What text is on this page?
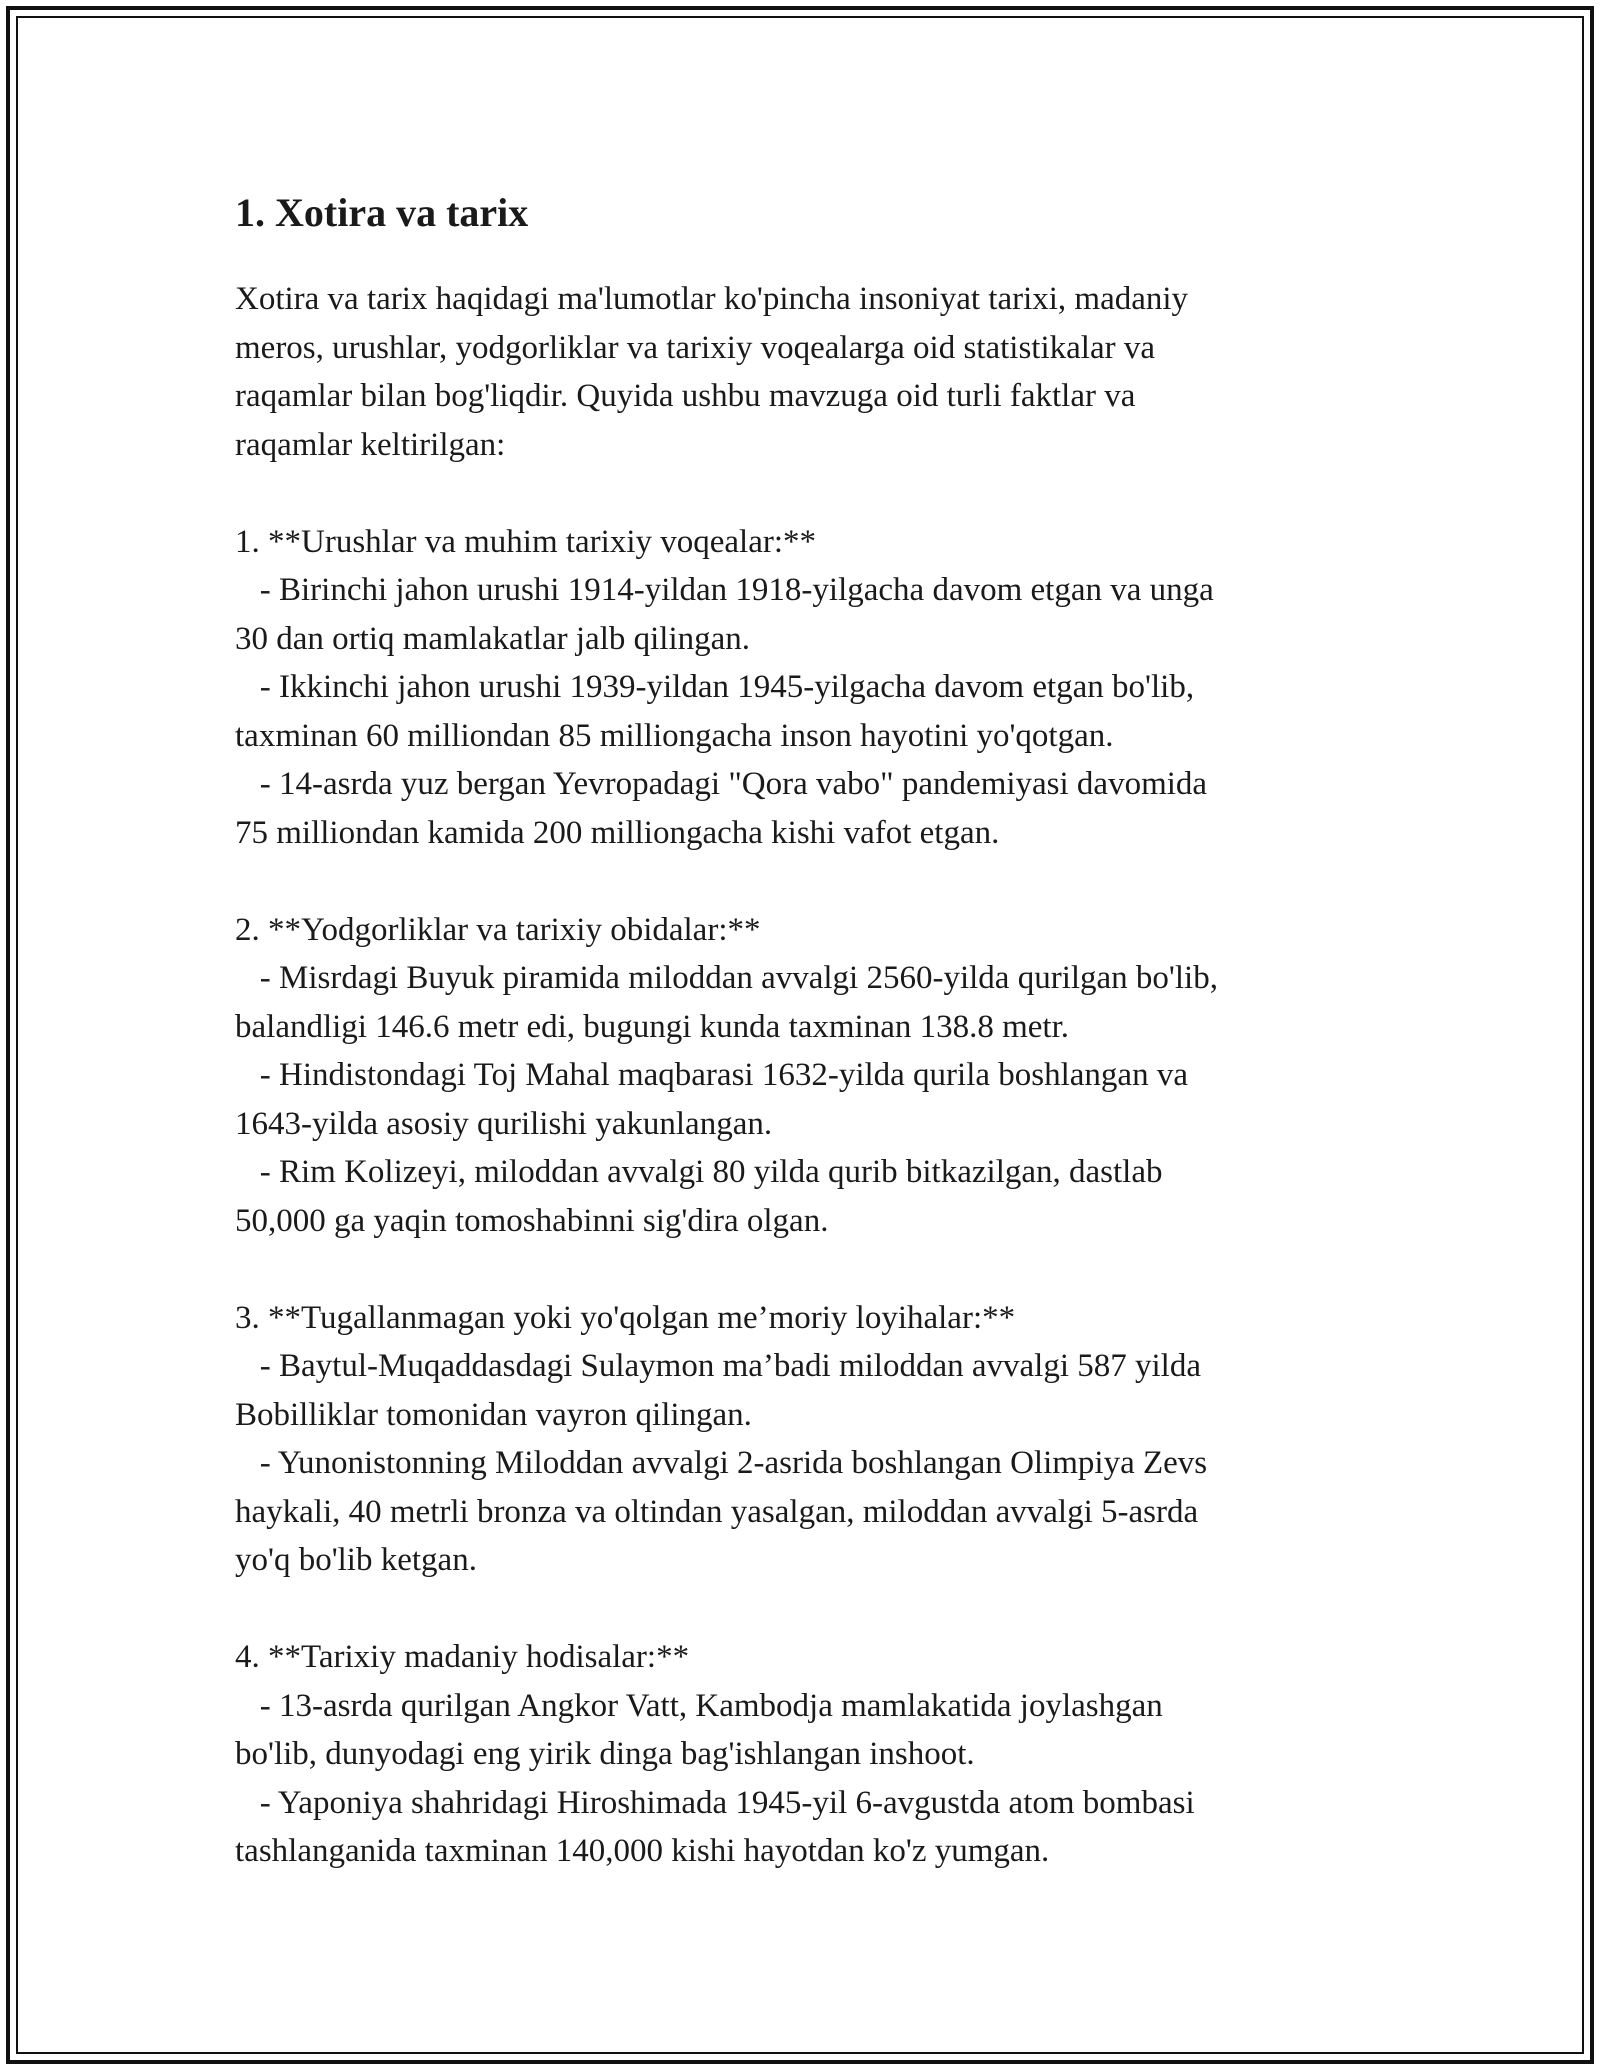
1. Xotira va tarix

Xotira va tarix haqidagi ma'lumotlar ko'pincha insoniyat tarixi, madaniy

meros, urushlar, yodgorliklar va tarixiy voqealarga oid statistikalar va

raqamlar bilan bog'liqdir. Quyida ushbu mavzuga oid turli faktlar va

raqamlar keltirilgan:

1. **Urushlar va muhim tarixiy voqealar:**

- Birinchi jahon urushi 1914-yildan 1918-yilgacha davom etgan va unga

30 dan ortiq mamlakatlar jalb qilingan.

- Ikkinchi jahon urushi 1939-yildan 1945-yilgacha davom etgan bo'lib,

taxminan 60 milliondan 85 milliongacha inson hayotini yo'qotgan.

- 14-asrda yuz bergan Yevropadagi "Qora vabo" pandemiyasi davomida

75 milliondan kamida 200 milliongacha kishi vafot etgan.

2. **Yodgorliklar va tarixiy obidalar:**

- Misrdagi Buyuk piramida miloddan avvalgi 2560-yilda qurilgan bo'lib,

balandligi 146.6 metr edi, bugungi kunda taxminan 138.8 metr.

- Hindistondagi Toj Mahal maqbarasi 1632-yilda qurila boshlangan va

1643-yilda asosiy qurilishi yakunlangan.

- Rim Kolizeyi, miloddan avvalgi 80 yilda qurib bitkazilgan, dastlab

50,000 ga yaqin tomoshabinni sig'dira olgan.

3. **Tugallanmagan yoki yo'qolgan me’moriy loyihalar:**

- Baytul-Muqaddasdagi Sulaymon ma’badi miloddan avvalgi 587 yilda

Bobilliklar tomonidan vayron qilingan.

- Yunonistonning Miloddan avvalgi 2-asrida boshlangan Olimpiya Zevs

haykali, 40 metrli bronza va oltindan yasalgan, miloddan avvalgi 5-asrda

yo'q bo'lib ketgan.

4. **Tarixiy madaniy hodisalar:**

- 13-asrda qurilgan Angkor Vatt, Kambodja mamlakatida joylashgan

bo'lib, dunyodagi eng yirik dinga bag'ishlangan inshoot.

- Yaponiya shahridagi Hiroshimada 1945-yil 6-avgustda atom bombasi

tashlanganida taxminan 140,000 kishi hayotdan ko'z yumgan.
